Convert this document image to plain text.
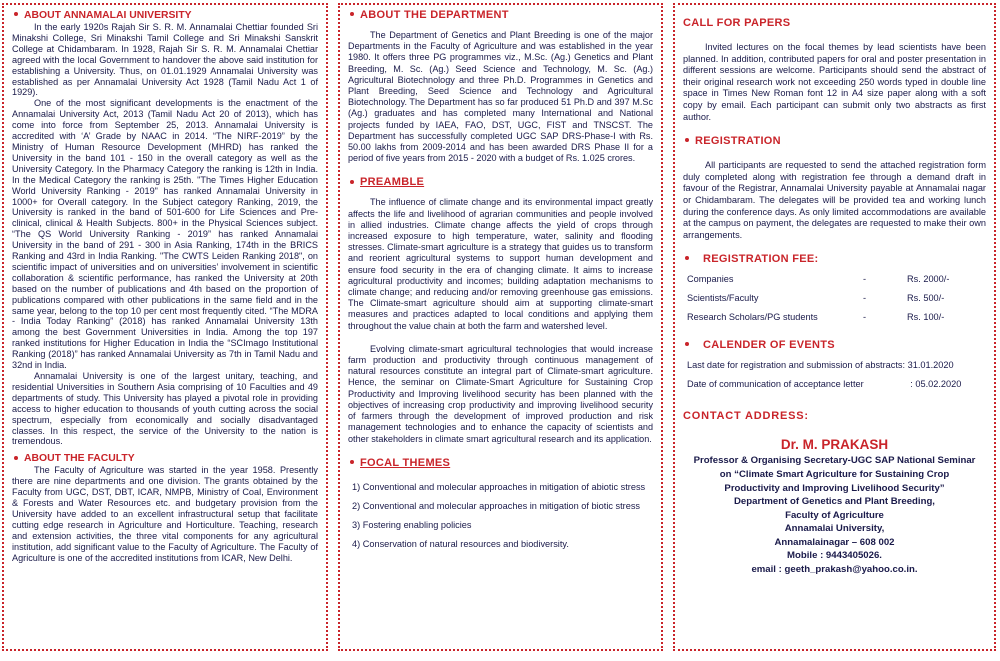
ABOUT ANNAMALAI UNIVERSITY

In the early 1920s Rajah Sir S. R. M. Annamalai Chettiar founded Sri Minakshi College, Sri Minakshi Tamil College and Sri Minakshi Sanskrit College at Chidambaram. In 1928, Rajah Sir S. R. M. Annamalai Chettiar agreed with the local Government to handover the above said institution for establishing a University. Thus, on 01.01.1929 Annamalai University was established as per Annamalai University Act 1928 (Tamil Nadu Act 1 of 1929).

One of the most significant developments is the enactment of the Annamalai University Act, 2013 (Tamil Nadu Act 20 of 2013), which has come into force from September 25, 2013. Annamalai University is accredited with ‘A’ Grade by NAAC in 2014. “The NIRF-2019” by the Ministry of Human Resource Development (MHRD) has ranked the University in the band 101 - 150 in the overall category as well as the University Category. In the Pharmacy Category the ranking is 12th in India. In the Medical Category the ranking is 25th. "The Times Higher Education World University Ranking - 2019" has ranked Annamalai University in 1000+ for Overall category. In the Subject category Ranking, 2019, the University is ranked in the band of 501-600 for Life Sciences and Pre-clinical, clinical & Health Subjects. 800+ in the Physical Sciences subject. “The QS World University Ranking - 2019” has ranked Annamalai University in the band of 291 - 300 in Asia Ranking, 174th in the BRICS Ranking and 43rd in India Ranking. "The CWTS Leiden Ranking 2018", on scientific impact of universities and on universities’ involvement in scientific collaboration & scientific performance, has ranked the University at 20th based on the number of publications and 4th based on the proportion of publications compared with other publications in the same field and in the same year, belong to the top 10 per cent most frequently cited. “The MDRA - India Today Ranking” (2018) has ranked Annamalai University 13th among the best Government Universities in India. Among the top 197 ranked institutions for Higher Education in India the “SCImago Institutional Ranking (2018)” has ranked Annamalai University as 7th in Tamil Nadu and 32nd in India.

Annamalai University is one of the largest unitary, teaching, and residential Universities in Southern Asia comprising of 10 Faculties and 49 departments of study. This University has played a pivotal role in providing access to higher education to thousands of youth cutting across the social spectrum, especially from economically and socially disadvantaged classes. In this respect, the service of the University to the nation is tremendous.

ABOUT THE FACULTY

The Faculty of Agriculture was started in the year 1958. Presently there are nine departments and one division. The grants obtained by the Faculty from UGC, DST, DBT, ICAR, NMPB, Ministry of Coal, Environment & Forests and Water Resources etc. and budgetary provision from the University have added to an excellent infrastructural setup that facilitate cutting edge research in Agriculture and Horticulture. Teaching, research and extension activities, the three vital components for any agricultural institution, add significant value to the Faculty of Agriculture. The Faculty of Agriculture is one of the accredited institutions from ICAR, New Delhi.

ABOUT THE DEPARTMENT

The Department of Genetics and Plant Breeding is one of the major Departments in the Faculty of Agriculture and was established in the year 1980. It offers three PG programmes viz., M.Sc. (Ag.) Genetics and Plant Breeding, M. Sc. (Ag.) Seed Science and Technology, M. Sc. (Ag.) Agricultural Biotechnology and three Ph.D. Programmes in Genetics and Plant Breeding, Seed Science and Technology and Agricultural Biotechnology. The Department has so far produced 51 Ph.D and 397 M.Sc (Ag.) graduates and has completed many International and National projects funded by IAEA, FAO, DST, UGC, FIST and TNSCST. The Department has successfully completed UGC SAP DRS-Phase-I with Rs. 50.00 lakhs from 2009-2014 and has been awarded DRS Phase II for a period of five years from 2015 - 2020 with a budget of Rs. 1.025 crores.

PREAMBLE

The influence of climate change and its environmental impact greatly affects the life and livelihood of agrarian communities and people involved in allied industries. Climate change affects the yield of crops through increased exposure to high temperature, water, salinity and flooding stresses. Climate-smart agriculture is a strategy that guides us to transform and reorient agricultural systems to support human development and ensure food security in the era of changing climate. It aims to increase agricultural productivity and incomes; building adaptation mechanisms to climate change; and reducing and/or removing greenhouse gas emissions. The Climate-smart agriculture should aim at supporting climate-smart measures and practices adapted to local conditions and applying them throughout the value chain at both the farm and watershed level.

Evolving climate-smart agricultural technologies that would increase farm production and productivity through continuous management of natural resources constitute an integral part of Climate-smart agriculture. Hence, the seminar on Climate-Smart Agriculture for Sustaining Crop Productivity and Improving livelihood security has been planned with the objectives of increasing crop productivity and improving livelihood security of farmers through the development of improved production and risk management technologies and to enhance the capacity of scientists and other stakeholders in climate smart agricultural research and its application.

FOCAL THEMES
1) Conventional and molecular approaches in mitigation of abiotic stress
2) Conventional and molecular approaches in mitigation of biotic stress
3) Fostering enabling policies
4) Conservation of natural resources and biodiversity.
CALL FOR PAPERS

Invited lectures on the focal themes by lead scientists have been planned. In addition, contributed papers for oral and poster presentation in different sessions are welcome. Participants should send the abstract of their original research work not exceeding 250 words typed in double line space in Times New Roman font 12 in A4 size paper along with a soft copy by email. Each participant can submit only two abstracts as first author.

REGISTRATION

All participants are requested to send the attached registration form duly completed along with registration fee through a demand draft in favour of the Registrar, Annamalai University payable at Annamalai nagar or Chidambaram. The delegates will be provided tea and working lunch during the conference days. As only limited accommodations are available at the campus on payment, the delegates are requested to make their own arrangements.

REGISTRATION FEE:
Companies	-	Rs. 2000/-
Scientists/Faculty	-	Rs. 500/-
Research Scholars/PG students	-	Rs. 100/-
CALENDER OF EVENTS
Last date for registration and submission of abstracts: 31.01.2020
Date of communication of acceptance letter	: 05.02.2020
CONTACT ADDRESS:
Dr. M. PRAKASH
Professor & Organising Secretary-UGC SAP National Seminar
on “Climate Smart Agriculture for Sustaining Crop
Productivity and Improving Livelihood Security”
Department of Genetics and Plant Breeding,
Faculty of Agriculture
Annamalai University,
Annamalainagar – 608 002
Mobile : 9443405026.
email : geeth_prakash@yahoo.co.in.
